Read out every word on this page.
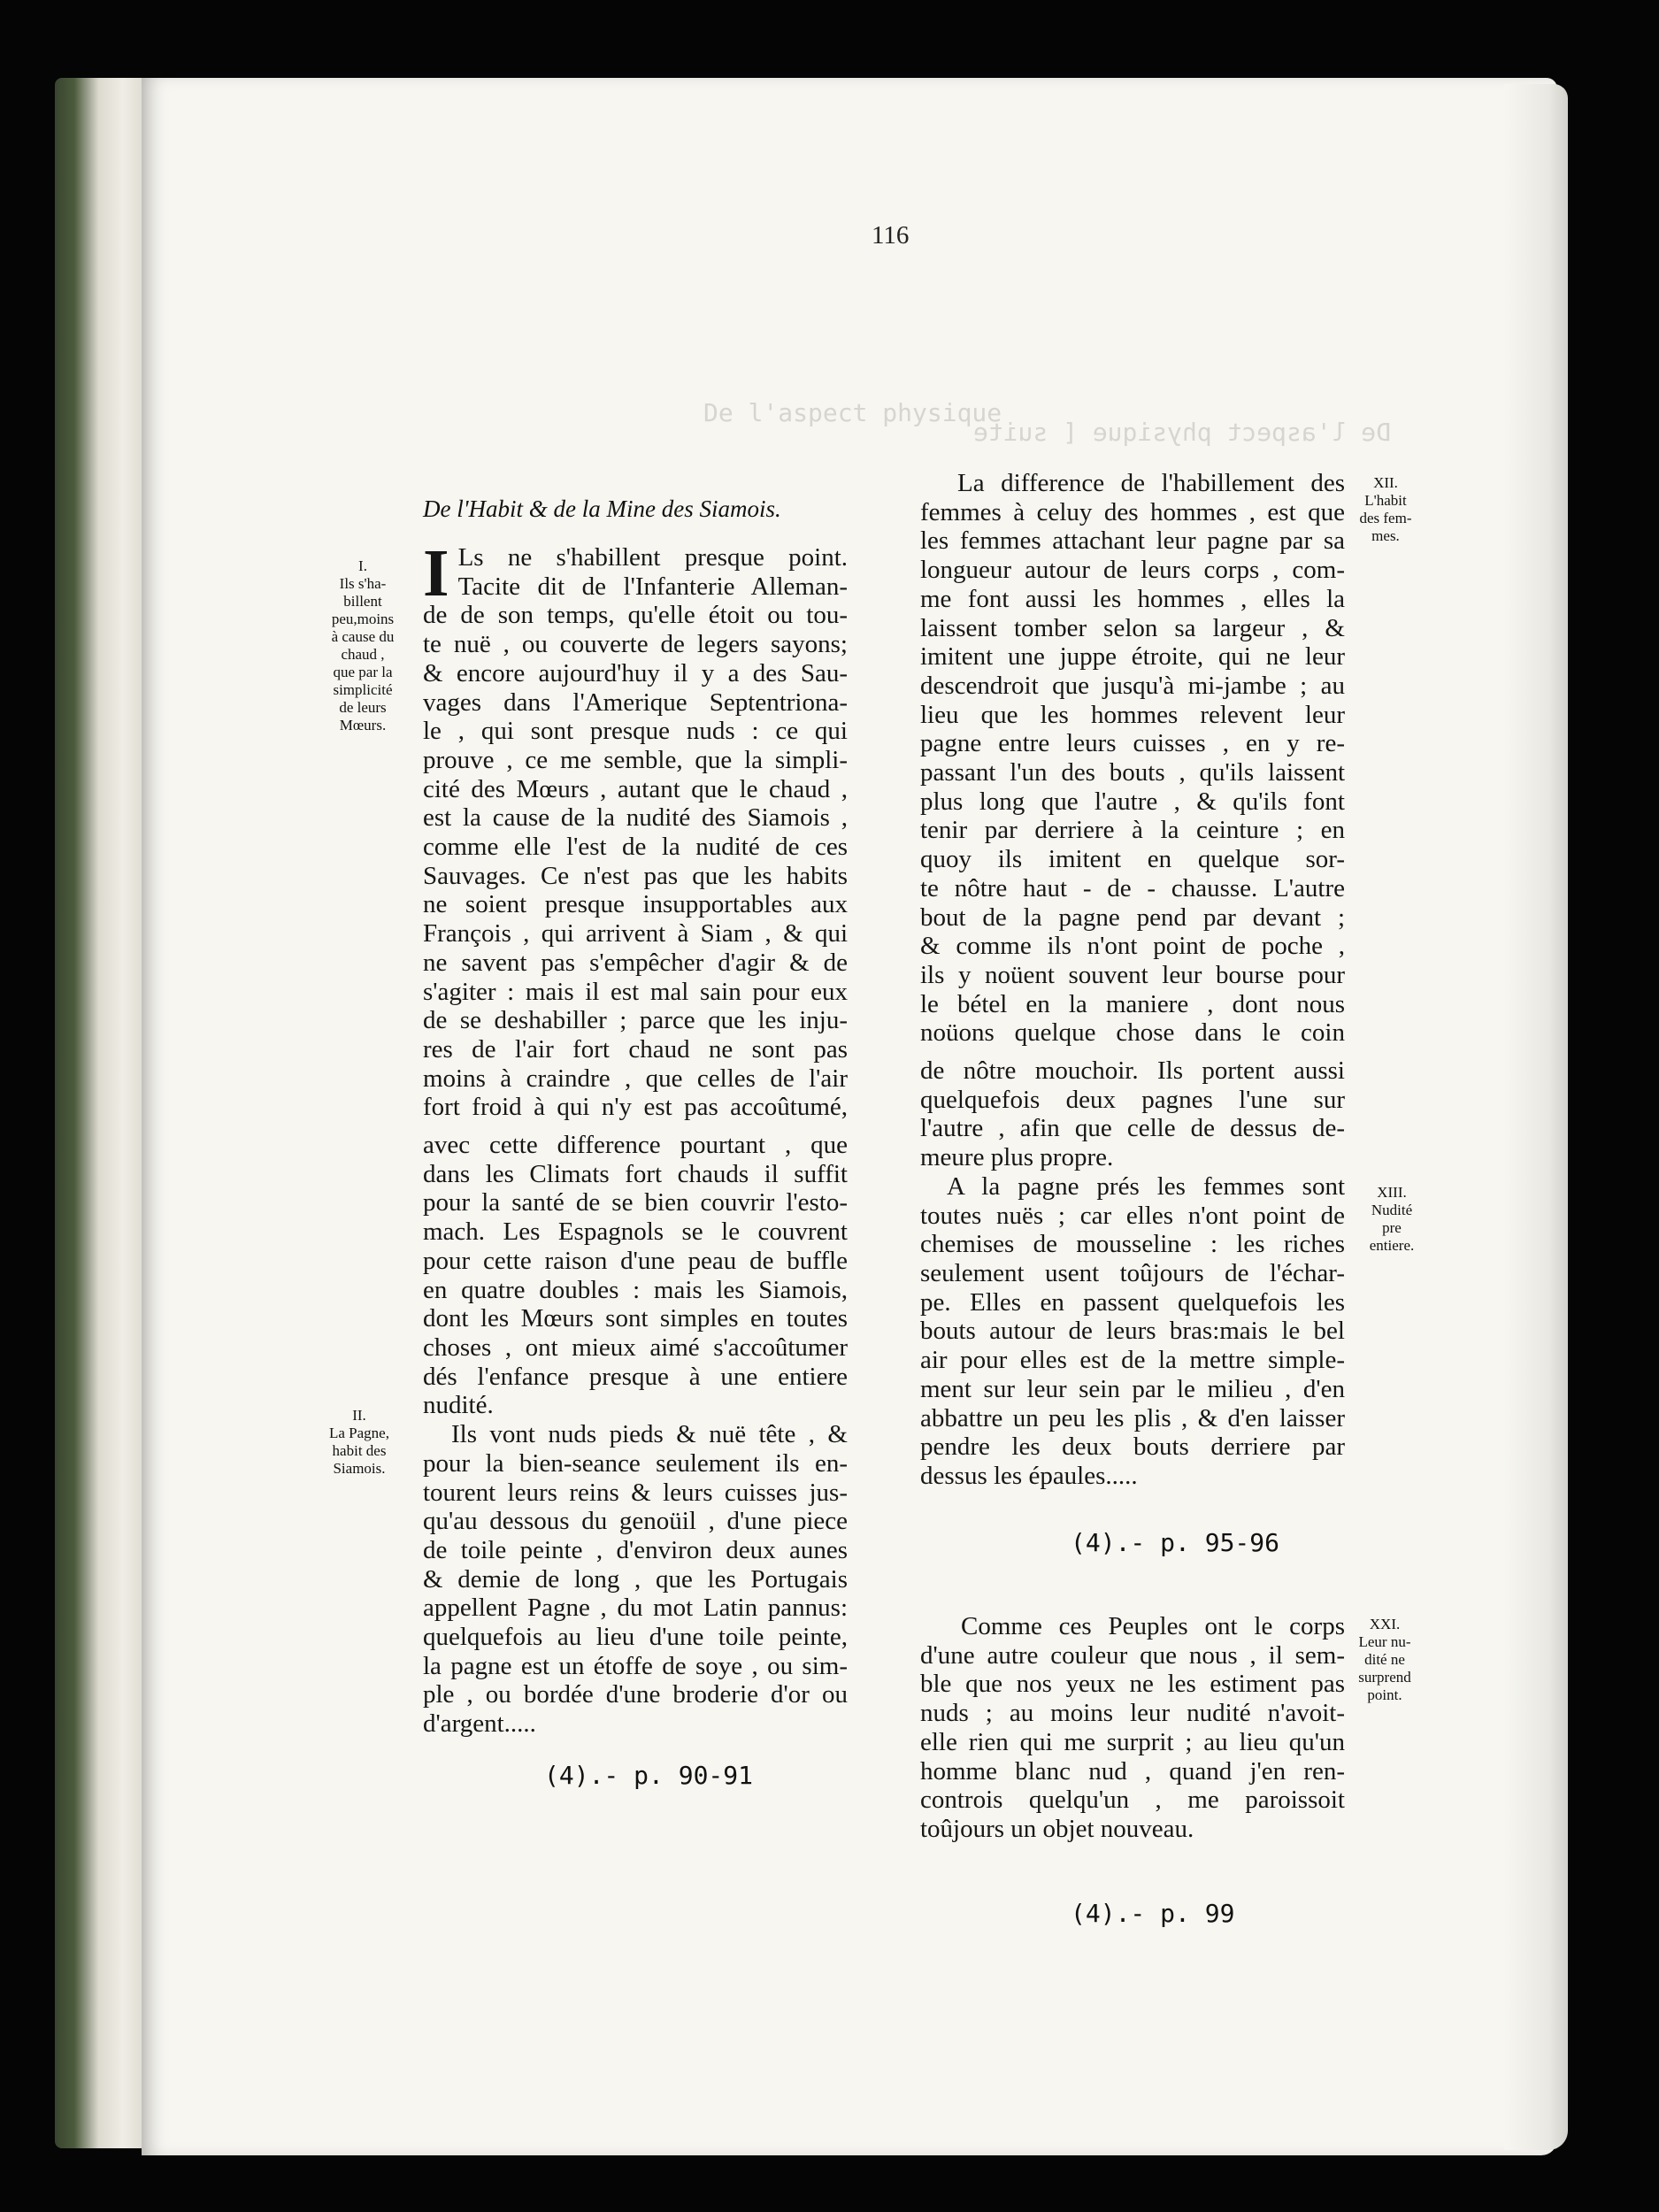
116
De l'aspect physique
De l'aspect physique [ suite
De l'Habit & de la Mine des Siamois.

I Ls ne s'habillent presque point.
Tacite dit de l'Infanterie Alleman-
de de son temps, qu'elle étoit ou tou-
te nuë , ou couverte de legers sayons;
& encore aujourd'huy il y a des Sau-
vages dans l'Amerique Septentriona-
le , qui sont presque nuds : ce qui
prouve , ce me semble, que la simpli-
cité des Mœurs , autant que le chaud ,
est la cause de la nudité des Siamois ,
comme elle l'est de la nudité de ces
Sauvages. Ce n'est pas que les habits
ne soient presque insupportables aux
François , qui arrivent à Siam , & qui
ne savent pas s'empêcher d'agir & de
s'agiter : mais il est mal sain pour eux
de se deshabiller ; parce que les inju-
res de l'air fort chaud ne sont pas
moins à craindre , que celles de l'air
fort froid à qui n'y est pas accoûtumé,
avec cette difference pourtant , que
dans les Climats fort chauds il suffit
pour la santé de se bien couvrir l'esto-
mach. Les Espagnols se le couvrent
pour cette raison d'une peau de buffle
en quatre doubles : mais les Siamois,
dont les Mœurs sont simples en toutes
choses , ont mieux aimé s'accoûtumer
dés l'enfance presque à une entiere
nudité.

Ils vont nuds pieds & nuë tête , &
pour la bien-seance seulement ils en-
tourent leurs reins & leurs cuisses jus-
qu'au dessous du genoüil , d'une piece
de toile peinte , d'environ deux aunes
& demie de long , que les Portugais
appellent Pagne , du mot Latin pannus:
quelquefois au lieu d'une toile peinte,
la pagne est un étoffe de soye , ou sim-
ple , ou bordée d'une broderie d'or ou
d'argent.....

(4).- p. 90-91
I.
Ils s'ha-
billent
peu,moins
à cause du
chaud ,
que par la
simplicité
de leurs
Mœurs.
II.
La Pagne,
habit des
Siamois.

La difference de l'habillement des
femmes à celuy des hommes , est que
les femmes attachant leur pagne par sa
longueur autour de leurs corps , com-
me font aussi les hommes , elles la
laissent tomber selon sa largeur , &
imitent une juppe étroite, qui ne leur
descendroit que jusqu'à mi-jambe ; au
lieu que les hommes relevent leur
pagne entre leurs cuisses , en y re-
passant l'un des bouts , qu'ils laissent
plus long que l'autre , & qu'ils font
tenir par derriere à la ceinture ; en
quoy ils imitent en quelque sor-
te nôtre haut - de - chausse. L'autre
bout de la pagne pend par devant ;
& comme ils n'ont point de poche ,
ils y noüent souvent leur bourse pour
le bétel en la maniere , dont nous
noüons quelque chose dans le coin
de nôtre mouchoir. Ils portent aussi
quelquefois deux pagnes l'une sur
l'autre , afin que celle de dessus de-
meure plus propre.

A la pagne prés les femmes sont
toutes nuës ; car elles n'ont point de
chemises de mousseline : les riches
seulement usent toûjours de l'échar-
pe. Elles en passent quelquefois les
bouts autour de leurs bras:mais le bel
air pour elles est de la mettre simple-
ment sur leur sein par le milieu , d'en
abbattre un peu les plis , & d'en laisser
pendre les deux bouts derriere par
dessus les épaules.....

(4).- p. 95-96

Comme ces Peuples ont le corps
d'une autre couleur que nous , il sem-
ble que nos yeux ne les estiment pas
nuds ; au moins leur nudité n'avoit-
elle rien qui me surprit ; au lieu qu'un
homme blanc nud , quand j'en ren-
controis quelqu'un , me paroissoit
toûjours un objet nouveau.

(4).- p. 99
XII.
L'habit
des fem-
mes.
XIII.
Nudité
pre
entiere.
XXI.
Leur nu-
dité ne
surprend
point.
